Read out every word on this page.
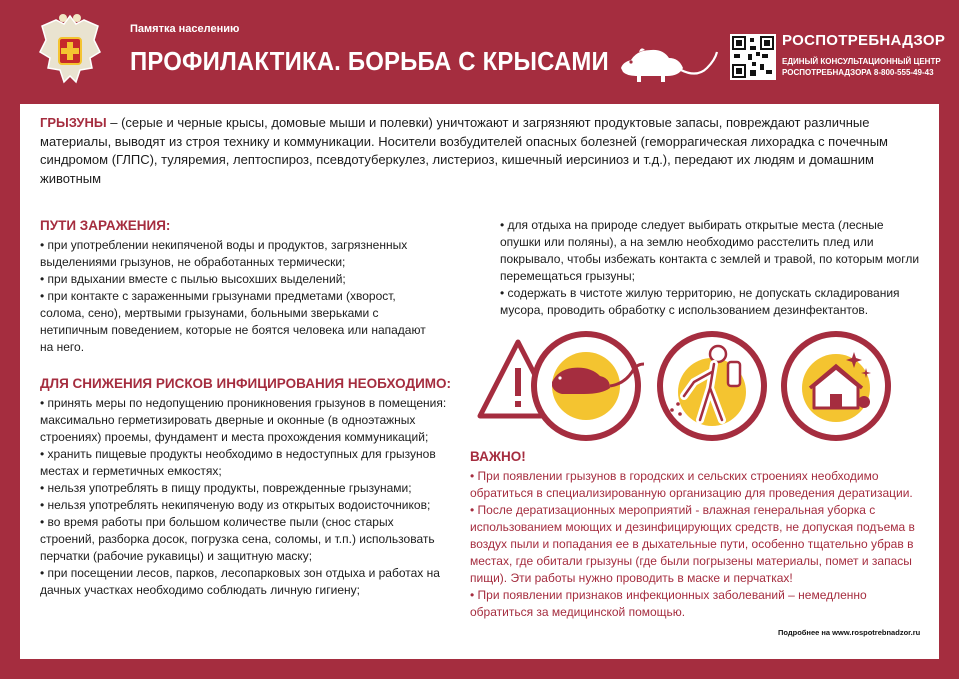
Памятка населению
ПРОФИЛАКТИКА. БОРЬБА С КРЫСАМИ
РОСПОТРЕБНАДЗОР
ЕДИНЫЙ КОНСУЛЬТАЦИОННЫЙ ЦЕНТР
РОСПОТРЕБНАДЗОРА 8-800-555-49-43
ГРЫЗУНЫ – (серые и черные крысы, домовые мыши и полевки) уничтожают и загрязняют продуктовые запасы, повреждают различные материалы, выводят из строя технику и коммуникации. Носители возбудителей опасных болезней (геморрагическая лихорадка с почечным синдромом (ГЛПС), туляремия, лептоспироз, псевдотуберкулез, листериоз, кишечный иерсиниоз и т.д.), передают их людям и домашним животным
ПУТИ ЗАРАЖЕНИЯ:

• при употреблении некипяченой воды и продуктов, загрязненных выделениями грызунов, не обработанных термически;

• при вдыхании вместе с пылью высохших выделений;

• при контакте с зараженными грызунами предметами (хворост, солома, сено), мертвыми грызунами, больными зверьками с нетипичным поведением, которые не боятся человека или нападают на него.

ДЛЯ СНИЖЕНИЯ РИСКОВ ИНФИЦИРОВАНИЯ НЕОБХОДИМО:

• принять меры по недопущению проникновения грызунов в помещения: максимально герметизировать дверные и оконные (в одноэтажных строениях) проемы, фундамент и места прохождения коммуникаций;

• хранить пищевые продукты необходимо в недоступных для грызунов местах и герметичных емкостях;

• нельзя употреблять в пищу продукты, поврежденные грызунами;

• нельзя употреблять некипяченую воду из открытых водоисточников;

• во время работы при большом количестве пыли (снос старых строений, разборка досок, погрузка сена, соломы, и т.п.) использовать перчатки (рабочие рукавицы) и защитную маску;

• при посещении лесов, парков, лесопарковых зон отдыха и работах на дачных участках необходимо соблюдать личную гигиену;

• для отдыха на природе следует выбирать открытые места (лесные опушки или поляны), а на землю необходимо расстелить плед или покрывало, чтобы избежать контакта с землей и травой, по которым могли перемещаться грызуны;

• содержать в чистоте жилую территорию, не допускать складирования мусора, проводить обработку с использованием дезинфектантов.

ВАЖНО!

• При появлении грызунов в городских и сельских строениях необходимо обратиться в специализированную организацию для проведения дератизации.

• После дератизационных мероприятий - влажная генеральная уборка с использованием моющих и дезинфицирующих средств, не допуская подъема в воздух пыли и попадания ее в дыхательные пути, особенно тщательно убрав в местах, где обитали грызуны (где были погрызены материалы, помет и запасы пищи). Эти работы нужно проводить в маске и перчатках!

• При появлении признаков инфекционных заболеваний – немедленно обратиться за медицинской помощью.

Подробнее на www.rospotrebnadzor.ru
